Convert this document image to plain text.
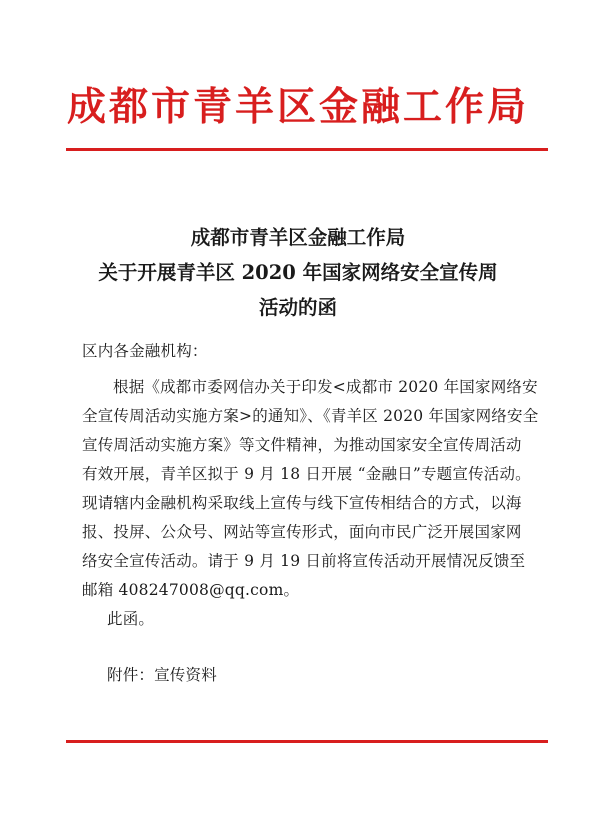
成都市青羊区金融工作局
成都市青羊区金融工作局
关于开展青羊区 2020 年国家网络安全宣传周
活动的函
区内各金融机构：
根据《成都市委网信办关于印发<成都市 2020 年国家网络安
全宣传周活动实施方案>的通知》、《青羊区 2020 年国家网络安全
宣传周活动实施方案》等文件精神，为推动国家安全宣传周活动
有效开展，青羊区拟于 9 月 18 日开展 “金融日”专题宣传活动。
现请辖内金融机构采取线上宣传与线下宣传相结合的方式，以海
报、投屏、公众号、网站等宣传形式，面向市民广泛开展国家网
络安全宣传活动。请于 9 月 19 日前将宣传活动开展情况反馈至
此函。
附件：宣传资料
邮箱 408247008@qq.com。
